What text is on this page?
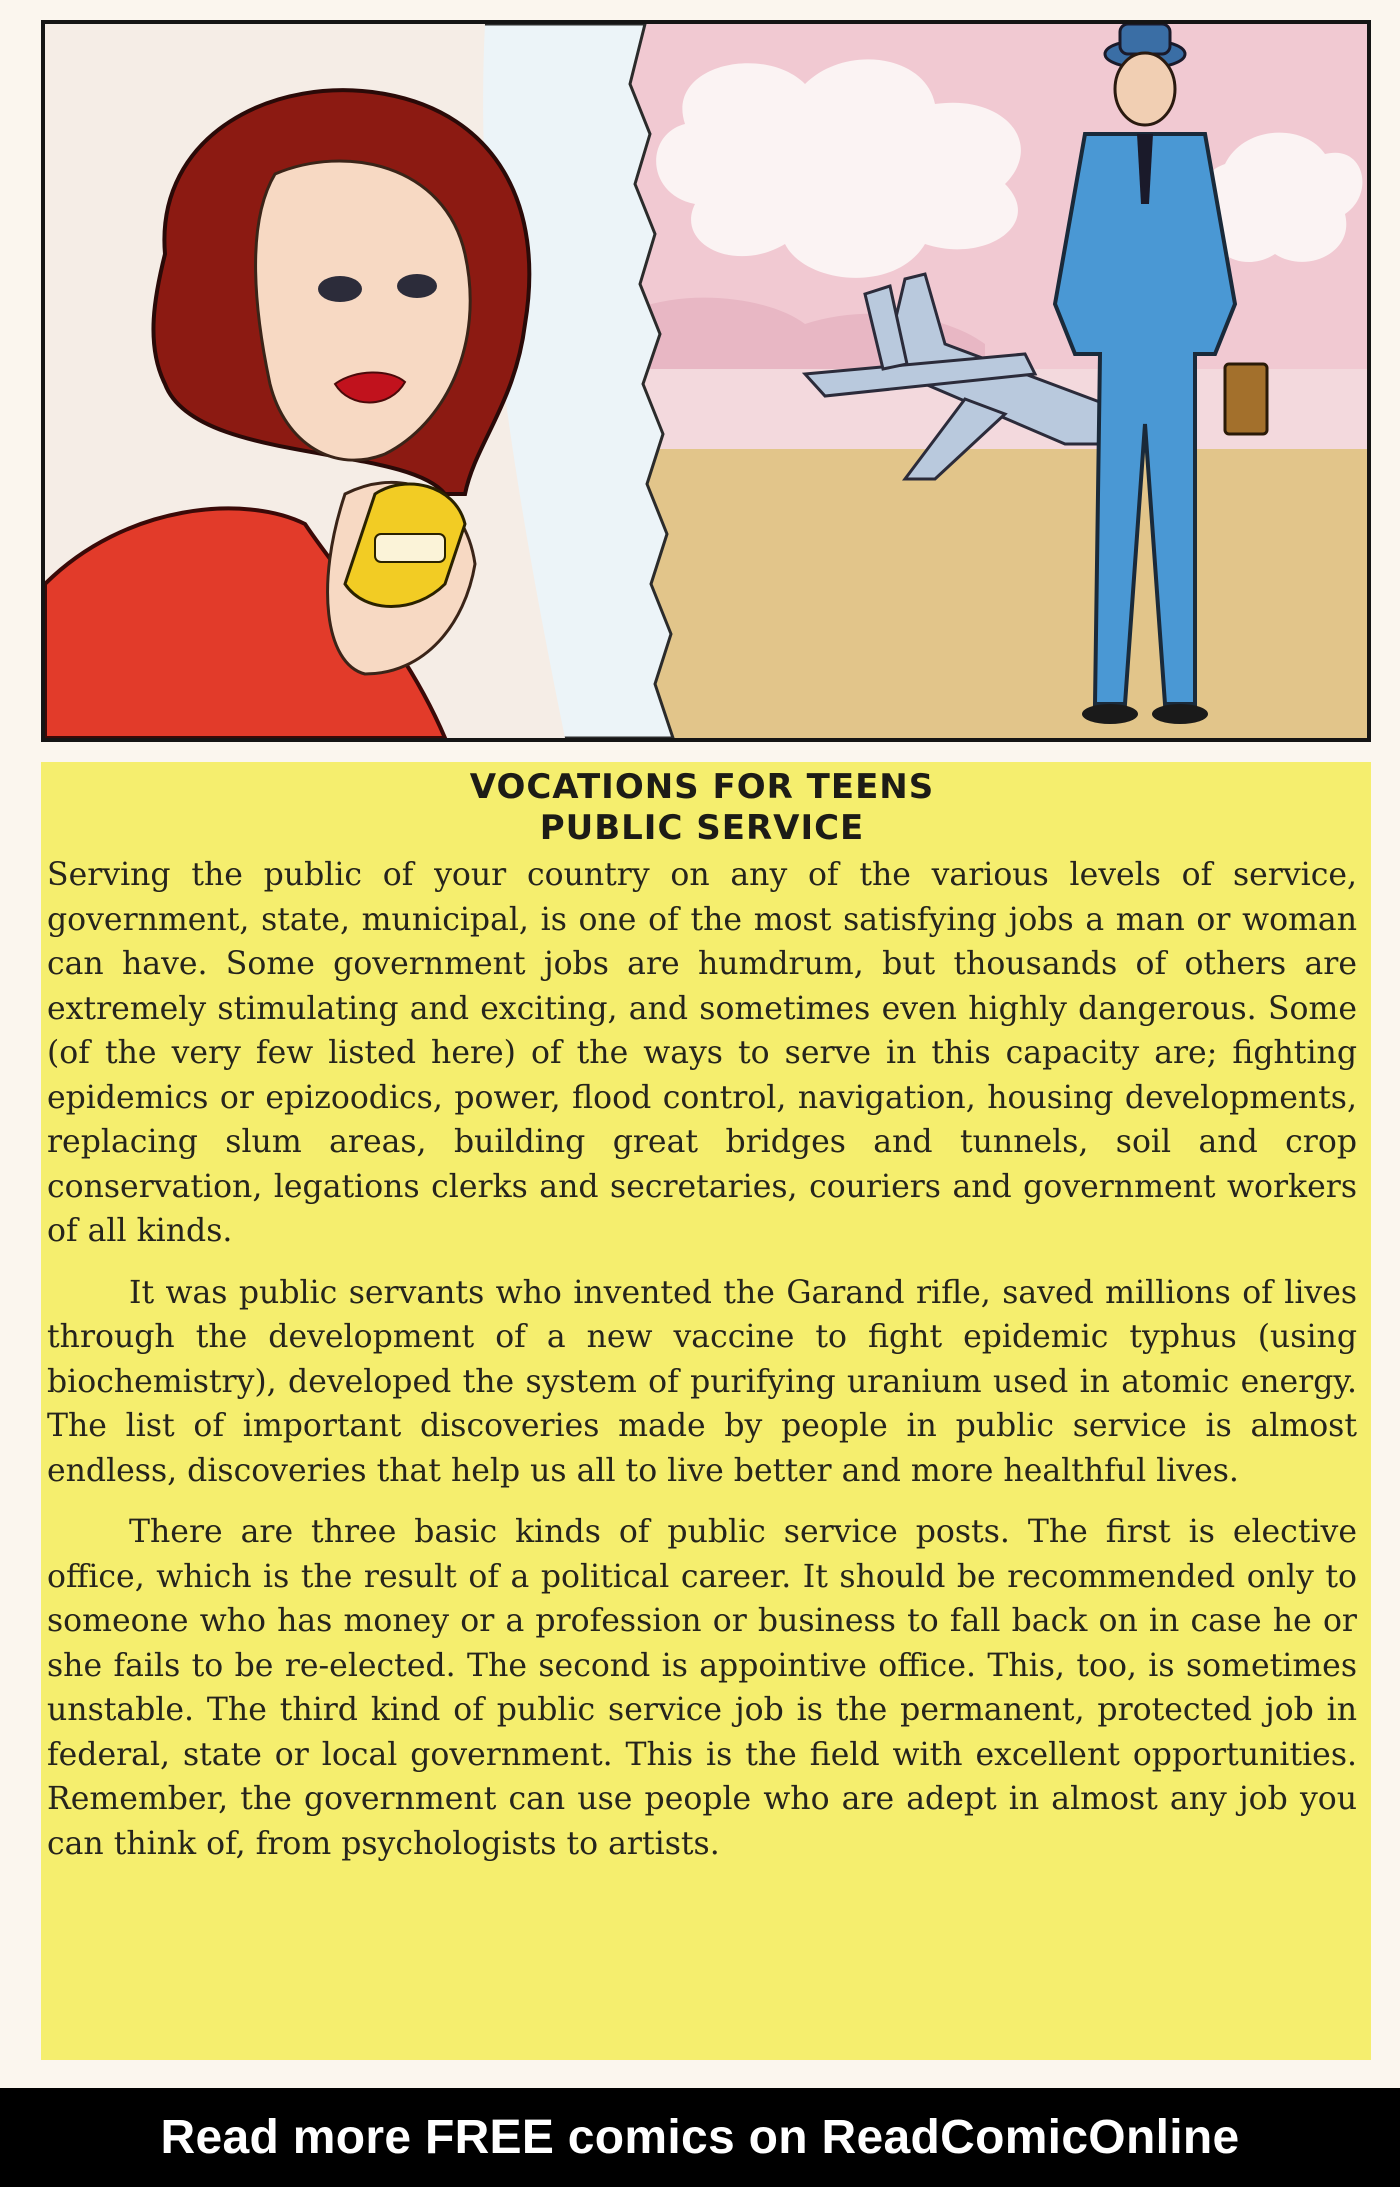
VOCATIONS FOR TEENS
PUBLIC SERVICE

Serving the public of your country on any of the various levels of service, government, state, municipal, is one of the most satisfying jobs a man or woman can have. Some government jobs are humdrum, but thousands of others are extremely stimulating and exciting, and sometimes even highly dangerous. Some (of the very few listed here) of the ways to serve in this capacity are; fighting epidemics or epizoodics, power, flood control, navigation, housing developments, replacing slum areas, building great bridges and tunnels, soil and crop conservation, legations clerks and secretaries, couriers and government workers of all kinds.

It was public servants who invented the Garand rifle, saved millions of lives through the development of a new vaccine to fight epidemic typhus (using biochemistry), developed the system of purifying uranium used in atomic energy. The list of important discoveries made by people in public service is almost endless, discoveries that help us all to live better and more healthful lives.

There are three basic kinds of public service posts. The first is elective office, which is the result of a political career. It should be recommended only to someone who has money or a profession or business to fall back on in case he or she fails to be re-elected. The second is appointive office. This, too, is sometimes unstable. The third kind of public service job is the permanent, protected job in federal, state or local government. This is the field with excellent opportunities. Remember, the government can use people who are adept in almost any job you can think of, from psychologists to artists.

Read more FREE comics on ReadComicOnline
